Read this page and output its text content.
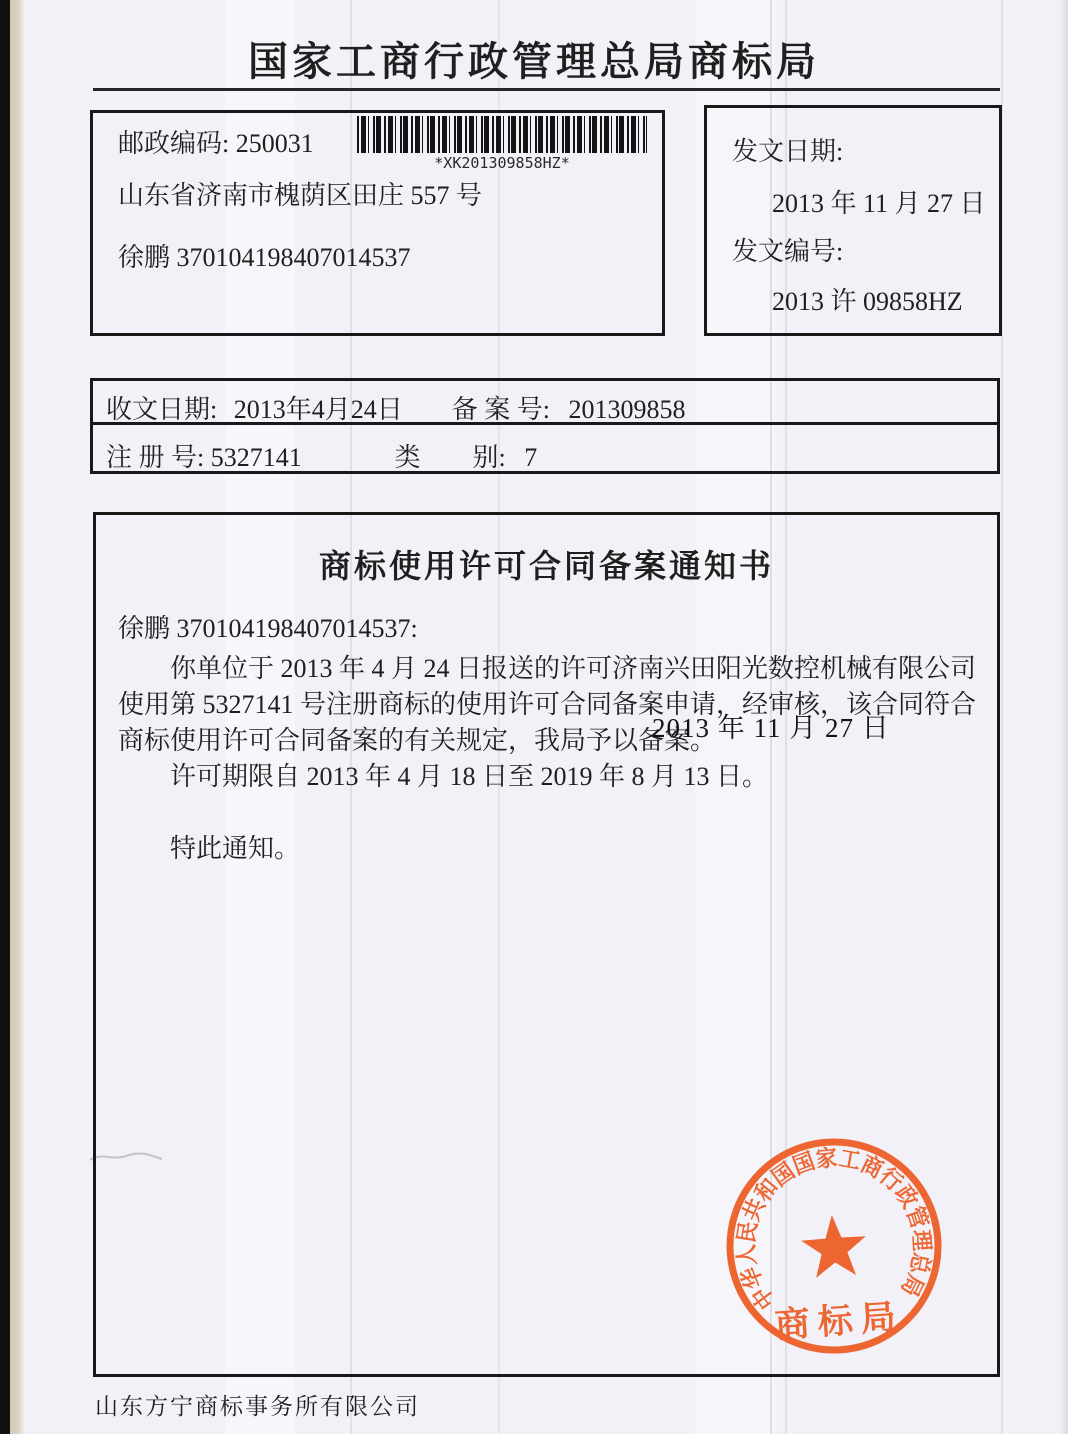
国家工商行政管理总局商标局
邮政编码: 250031
*XK201309858HZ*
山东省济南市槐荫区田庄 557 号
徐鹏 370104198407014537
发文日期:
2013 年 11 月 27 日
发文编号:
2013 许 09858HZ
收文日期: 2013年4月24日 备 案 号: 201309858
注 册 号: 5327141	类　　别: 7
商标使用许可合同备案通知书
徐鹏 370104198407014537:
你单位于 2013 年 4 月 24 日报送的许可济南兴田阳光数控机械有限公司使用第 5327141 号注册商标的使用许可合同备案申请，经审核，该合同符合商标使用许可合同备案的有关规定，我局予以备案。
许可期限自 2013 年 4 月 18 日至 2019 年 8 月 13 日。
特此通知。
中华人民共和国国家工商行政管理总局
商标局
2013 年 11 月 27 日
山东方宁商标事务所有限公司
